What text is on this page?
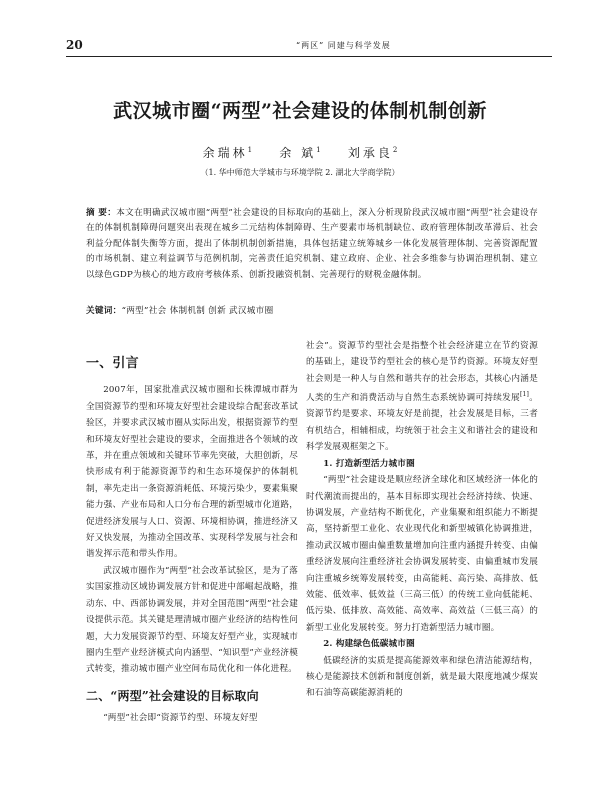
20	“两区” 同建与科学发展
武汉城市圈“两型”社会建设的体制机制创新
余瑞林$^1$ 余 斌$^1$ 刘承良$^2$
（1. 华中师范大学城市与环境学院 2. 湖北大学商学院）
摘 要：本文在明确武汉城市圈“两型”社会建设的目标取向的基础上，深入分析现阶段武汉城市圈“两型”社会建设存在的体制机制障碍问题突出表现在城乡二元结构体制障碍、生产要素市场机制缺位、政府管理体制改革滞后、社会利益分配体制失衡等方面，提出了体制机制创新措施，具体包括建立统筹城乡一体化发展管理体制、完善资源配置的市场机制、建立利益调节与范例机制，完善责任追究机制、建立政府、企业、社会多维参与协调治理机制、建立以绿色GDP为核心的地方政府考核体系、创新投融资机制、完善现行的财税金融体制。
关键词：“两型”社会 体制机制 创新 武汉城市圈
一、引言

2007年，国家批准武汉城市圈和长株潭城市群为全国资源节约型和环境友好型社会建设综合配套改革试验区，并要求武汉城市圈从实际出发，根据资源节约型和环境友好型社会建设的要求，全面推进各个领域的改革，并在重点领域和关键环节率先突破，大胆创新，尽快形成有利于能源资源节约和生态环境保护的体制机制，率先走出一条资源消耗低、环境污染少，要素集聚能力强、产业布局和人口分布合理的新型城市化道路，促进经济发展与人口、资源、环境相协调，推进经济又好又快发展，为推动全国改革、实现科学发展与社会和谐发挥示范和带头作用。

武汉城市圈作为“两型”社会改革试验区，是为了落实国家推动区域协调发展方针和促进中部崛起战略，推动东、中、西部协调发展，并对全国范围“两型”社会建设提供示范。其关键是理清城市圈产业经济的结构性问题，大力发展资源节约型、环境友好型产业，实现城市圈内生型产业经济模式向内涵型、“知识型”产业经济模式转变，推动城市圈产业空间布局优化和一体化进程。

二、“两型”社会建设的目标取向

“两型”社会即“资源节约型、环境友好型

社会”。资源节约型社会是指整个社会经济建立在节约资源的基础上，建设节约型社会的核心是节约资源。环境友好型社会则是一种人与自然和谐共存的社会形态，其核心内涵是人类的生产和消费活动与自然生态系统协调可持续发展[1]。资源节约是要求、环境友好是前提，社会发展是目标，三者有机结合，相辅相成，均统领于社会主义和谐社会的建设和科学发展观框架之下。

1. 打造新型活力城市圈

“两型”社会建设是顺应经济全球化和区域经济一体化的时代潮流而提出的，基本目标即实现社会经济持续、快速、协调发展，产业结构不断优化，产业集聚和组织能力不断提高，坚持新型工业化、农业现代化和新型城镇化协调推进，推动武汉城市圈由偏重数量增加向注重内涵提升转变、由偏重经济发展向注重经济社会协调发展转变、由偏重城市发展向注重城乡统筹发展转变，由高能耗、高污染、高排放、低效能、低效率、低效益（三高三低）的传统工业向低能耗、低污染、低排放、高效能、高效率、高效益（三低三高）的新型工业化发展转变。努力打造新型活力城市圈。

2. 构建绿色低碳城市圈

低碳经济的实质是提高能源效率和绿色清洁能源结构，核心是能源技术创新和制度创新，就是最大限度地减少煤炭和石油等高碳能源消耗的
